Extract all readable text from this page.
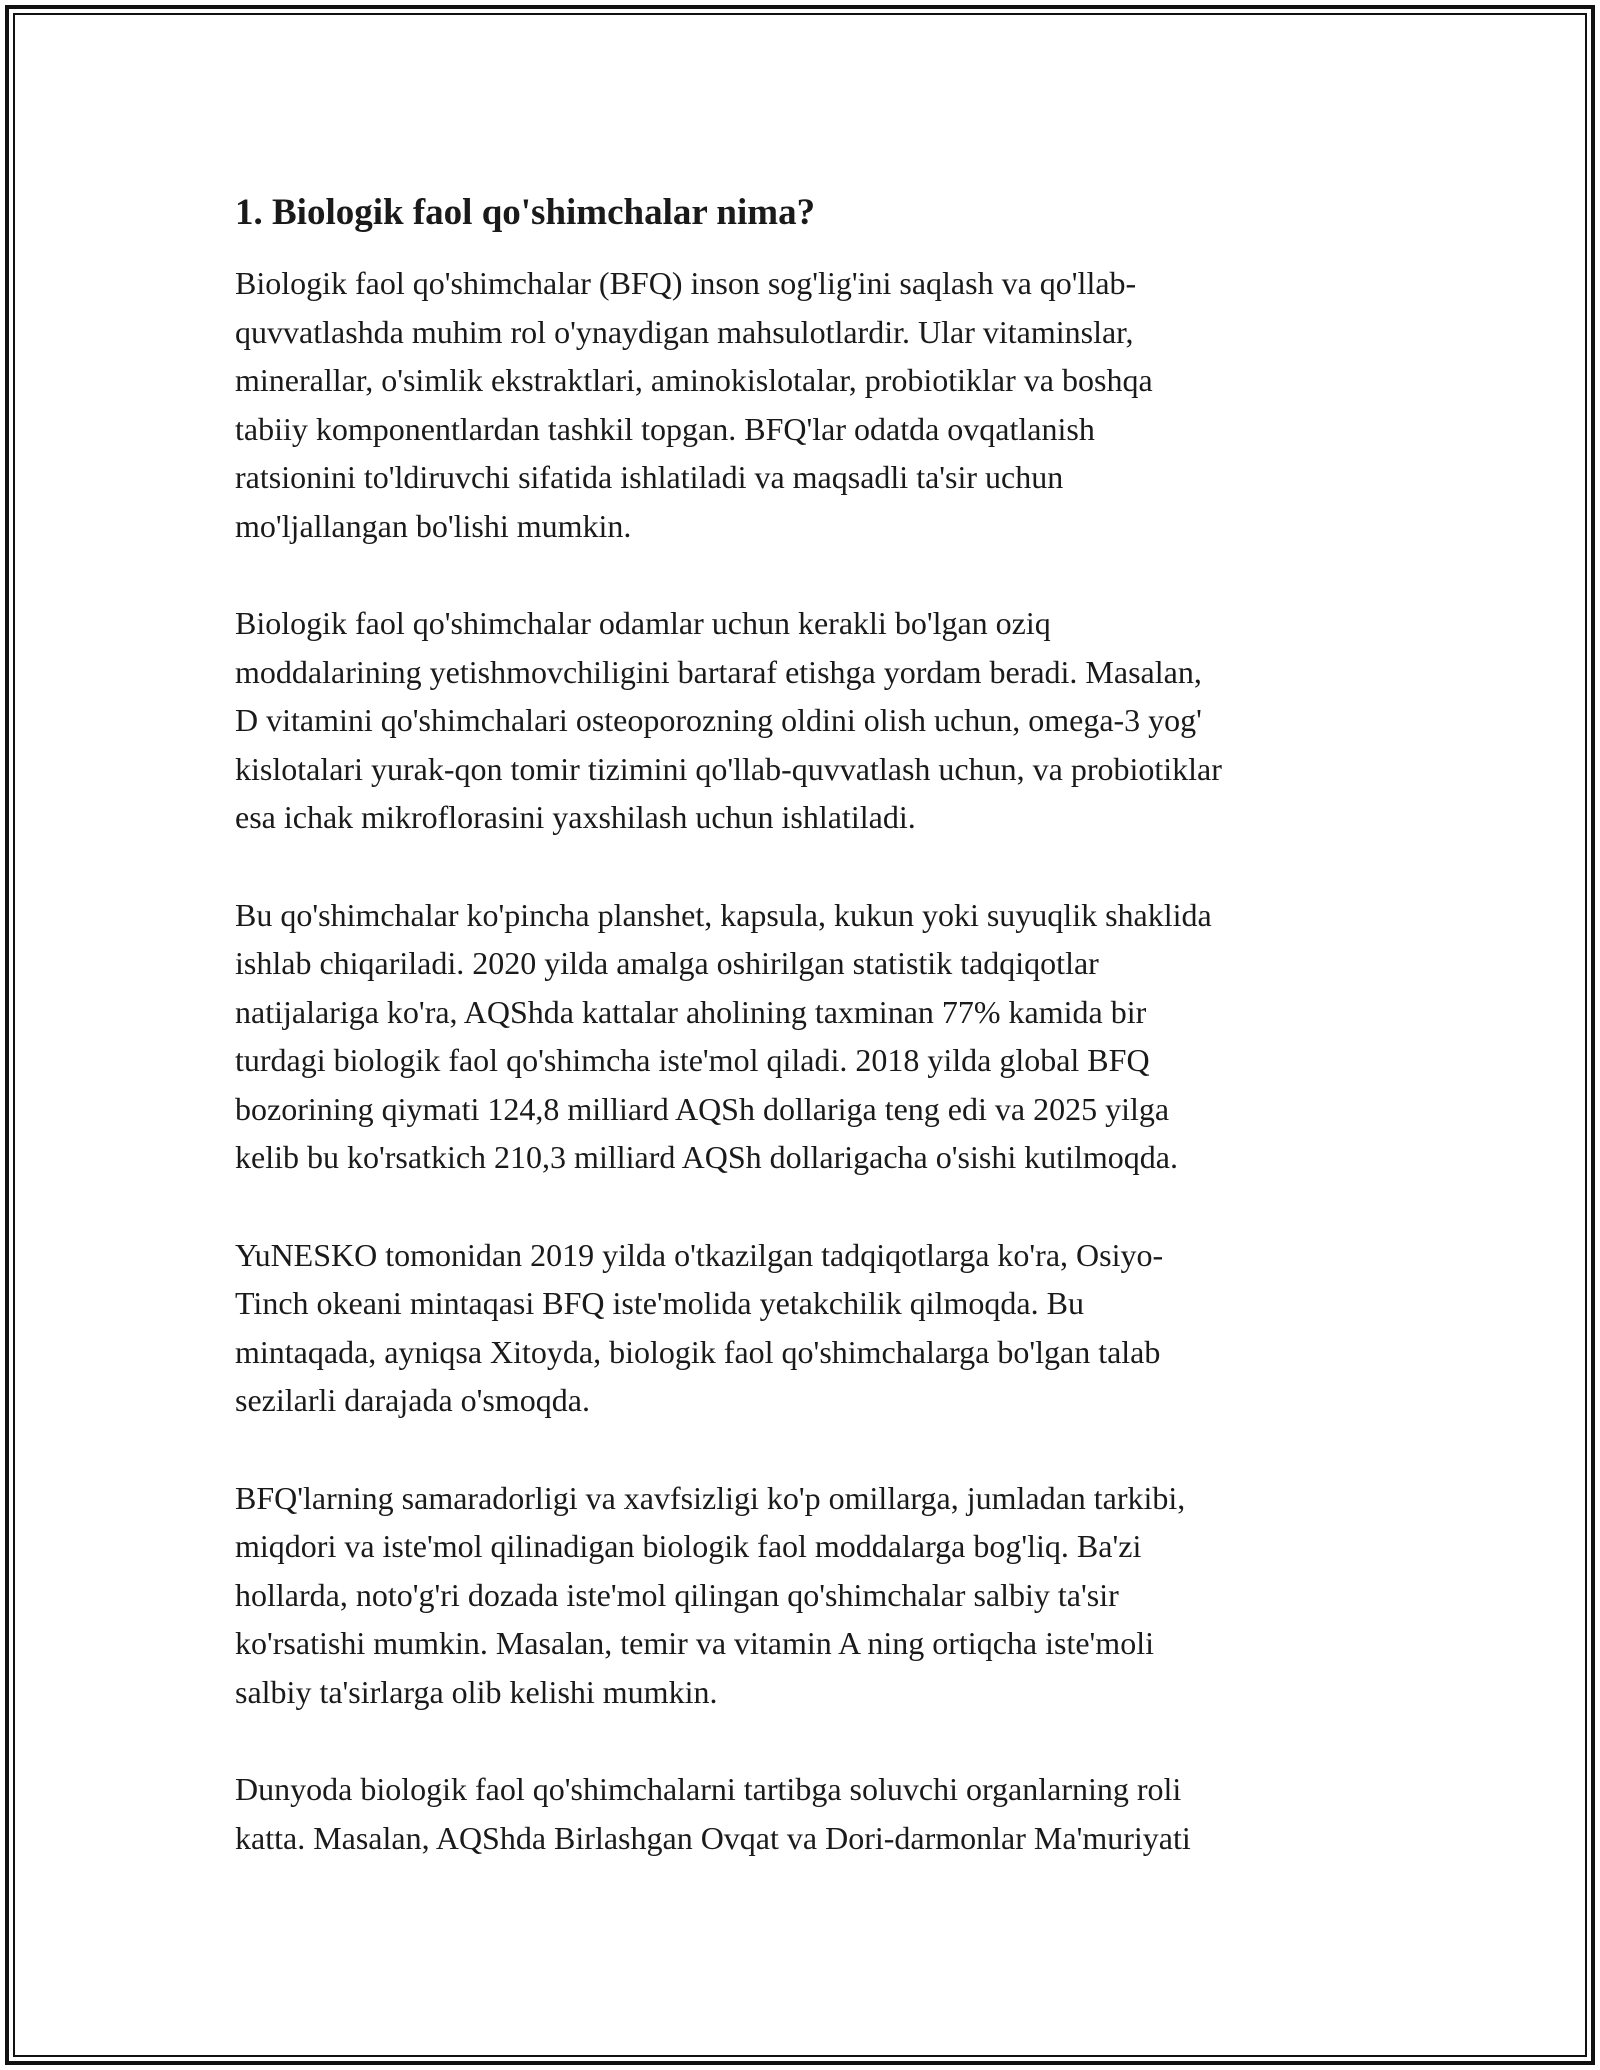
1. Biologik faol qo'shimchalar nima?

Biologik faol qo'shimchalar (BFQ) inson sog'lig'ini saqlash va qo'llab-
quvvatlashda muhim rol o'ynaydigan mahsulotlardir. Ular vitaminslar,
minerallar, o'simlik ekstraktlari, aminokislotalar, probiotiklar va boshqa
tabiiy komponentlardan tashkil topgan. BFQ'lar odatda ovqatlanish
ratsionini to'ldiruvchi sifatida ishlatiladi va maqsadli ta'sir uchun
mo'ljallangan bo'lishi mumkin.

Biologik faol qo'shimchalar odamlar uchun kerakli bo'lgan oziq
moddalarining yetishmovchiligini bartaraf etishga yordam beradi. Masalan,
D vitamini qo'shimchalari osteoporozning oldini olish uchun, omega-3 yog'
kislotalari yurak-qon tomir tizimini qo'llab-quvvatlash uchun, va probiotiklar
esa ichak mikroflorasini yaxshilash uchun ishlatiladi.

Bu qo'shimchalar ko'pincha planshet, kapsula, kukun yoki suyuqlik shaklida
ishlab chiqariladi. 2020 yilda amalga oshirilgan statistik tadqiqotlar
natijalariga ko'ra, AQShda kattalar aholining taxminan 77% kamida bir
turdagi biologik faol qo'shimcha iste'mol qiladi. 2018 yilda global BFQ
bozorining qiymati 124,8 milliard AQSh dollariga teng edi va 2025 yilga
kelib bu ko'rsatkich 210,3 milliard AQSh dollarigacha o'sishi kutilmoqda.

YuNESKO tomonidan 2019 yilda o'tkazilgan tadqiqotlarga ko'ra, Osiyo-
Tinch okeani mintaqasi BFQ iste'molida yetakchilik qilmoqda. Bu
mintaqada, ayniqsa Xitoyda, biologik faol qo'shimchalarga bo'lgan talab
sezilarli darajada o'smoqda.

BFQ'larning samaradorligi va xavfsizligi ko'p omillarga, jumladan tarkibi,
miqdori va iste'mol qilinadigan biologik faol moddalarga bog'liq. Ba'zi
hollarda, noto'g'ri dozada iste'mol qilingan qo'shimchalar salbiy ta'sir
ko'rsatishi mumkin. Masalan, temir va vitamin A ning ortiqcha iste'moli
salbiy ta'sirlarga olib kelishi mumkin.

Dunyoda biologik faol qo'shimchalarni tartibga soluvchi organlarning roli
katta. Masalan, AQShda Birlashgan Ovqat va Dori-darmonlar Ma'muriyati
